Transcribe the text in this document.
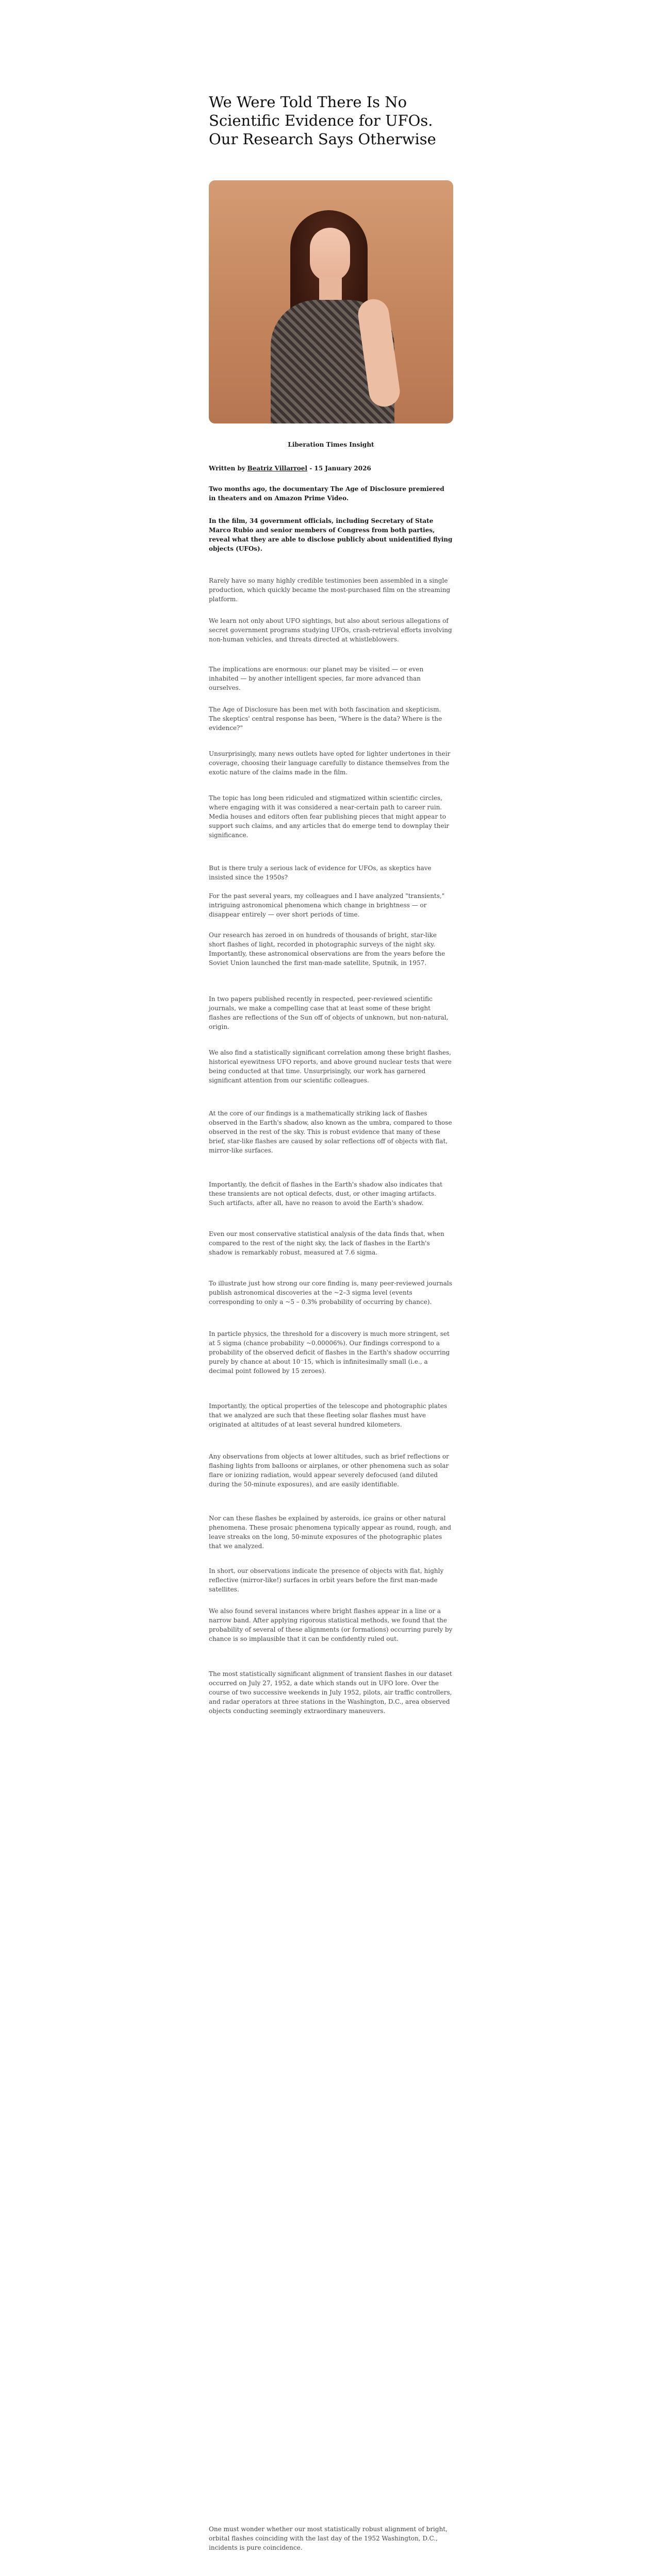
We Were Told There Is No Scientific Evidence for UFOs. Our Research Says Otherwise
Liberation Times Insight
Written by Beatriz Villarroel - 15 January 2026

Two months ago, the documentary The Age of Disclosure premiered in theaters and on Amazon Prime Video.

In the film, 34 government officials, including Secretary of State Marco Rubio and senior members of Congress from both parties, reveal what they are able to disclose publicly about unidentified flying objects (UFOs).

Rarely have so many highly credible testimonies been assembled in a single production, which quickly became the most-purchased film on the streaming platform.

We learn not only about UFO sightings, but also about serious allegations of secret government programs studying UFOs, crash-retrieval efforts involving non-human vehicles, and threats directed at whistleblowers.

The implications are enormous: our planet may be visited — or even inhabited — by another intelligent species, far more advanced than ourselves.

The Age of Disclosure has been met with both fascination and skepticism. The skeptics' central response has been, "Where is the data? Where is the evidence?"

Unsurprisingly, many news outlets have opted for lighter undertones in their coverage, choosing their language carefully to distance themselves from the exotic nature of the claims made in the film.

The topic has long been ridiculed and stigmatized within scientific circles, where engaging with it was considered a near-certain path to career ruin. Media houses and editors often fear publishing pieces that might appear to support such claims, and any articles that do emerge tend to downplay their significance.

But is there truly a serious lack of evidence for UFOs, as skeptics have insisted since the 1950s?

For the past several years, my colleagues and I have analyzed "transients," intriguing astronomical phenomena which change in brightness — or disappear entirely — over short periods of time.

Our research has zeroed in on hundreds of thousands of bright, star-like short flashes of light, recorded in photographic surveys of the night sky. Importantly, these astronomical observations are from the years before the Soviet Union launched the first man-made satellite, Sputnik, in 1957.

In two papers published recently in respected, peer-reviewed scientific journals, we make a compelling case that at least some of these bright flashes are reflections of the Sun off of objects of unknown, but non-natural, origin.

We also find a statistically significant correlation among these bright flashes, historical eyewitness UFO reports, and above ground nuclear tests that were being conducted at that time. Unsurprisingly, our work has garnered significant attention from our scientific colleagues.

At the core of our findings is a mathematically striking lack of flashes observed in the Earth's shadow, also known as the umbra, compared to those observed in the rest of the sky. This is robust evidence that many of these brief, star-like flashes are caused by solar reflections off of objects with flat, mirror-like surfaces.

Importantly, the deficit of flashes in the Earth's shadow also indicates that these transients are not optical defects, dust, or other imaging artifacts. Such artifacts, after all, have no reason to avoid the Earth's shadow.

Even our most conservative statistical analysis of the data finds that, when compared to the rest of the night sky, the lack of flashes in the Earth's shadow is remarkably robust, measured at 7.6 sigma.

To illustrate just how strong our core finding is, many peer-reviewed journals publish astronomical discoveries at the ~2–3 sigma level (events corresponding to only a ~5 – 0.3% probability of occurring by chance).

In particle physics, the threshold for a discovery is much more stringent, set at 5 sigma (chance probability ~0.00006%). Our findings correspond to a probability of the observed deficit of flashes in the Earth's shadow occurring purely by chance at about 10⁻15, which is infinitesimally small (i.e., a decimal point followed by 15 zeroes).

Importantly, the optical properties of the telescope and photographic plates that we analyzed are such that these fleeting solar flashes must have originated at altitudes of at least several hundred kilometers.

Any observations from objects at lower altitudes, such as brief reflections or flashing lights from balloons or airplanes, or other phenomena such as solar flare or ionizing radiation, would appear severely defocused (and diluted during the 50-minute exposures), and are easily identifiable.

Nor can these flashes be explained by asteroids, ice grains or other natural phenomena. These prosaic phenomena typically appear as round, rough, and leave streaks on the long, 50-minute exposures of the photographic plates that we analyzed.

In short, our observations indicate the presence of objects with flat, highly reflective (mirror-like!) surfaces in orbit years before the first man-made satellites.

We also found several instances where bright flashes appear in a line or a narrow band. After applying rigorous statistical methods, we found that the probability of several of these alignments (or formations) occurring purely by chance is so implausible that it can be confidently ruled out.

The most statistically significant alignment of transient flashes in our dataset occurred on July 27, 1952, a date which stands out in UFO lore. Over the course of two successive weekends in July 1952, pilots, air traffic controllers, and radar operators at three stations in the Washington, D.C., area observed objects conducting seemingly extraordinary maneuvers.

One must wonder whether our most statistically robust alignment of bright, orbital flashes coinciding with the last day of the 1952 Washington, D.C., incidents is pure coincidence.
